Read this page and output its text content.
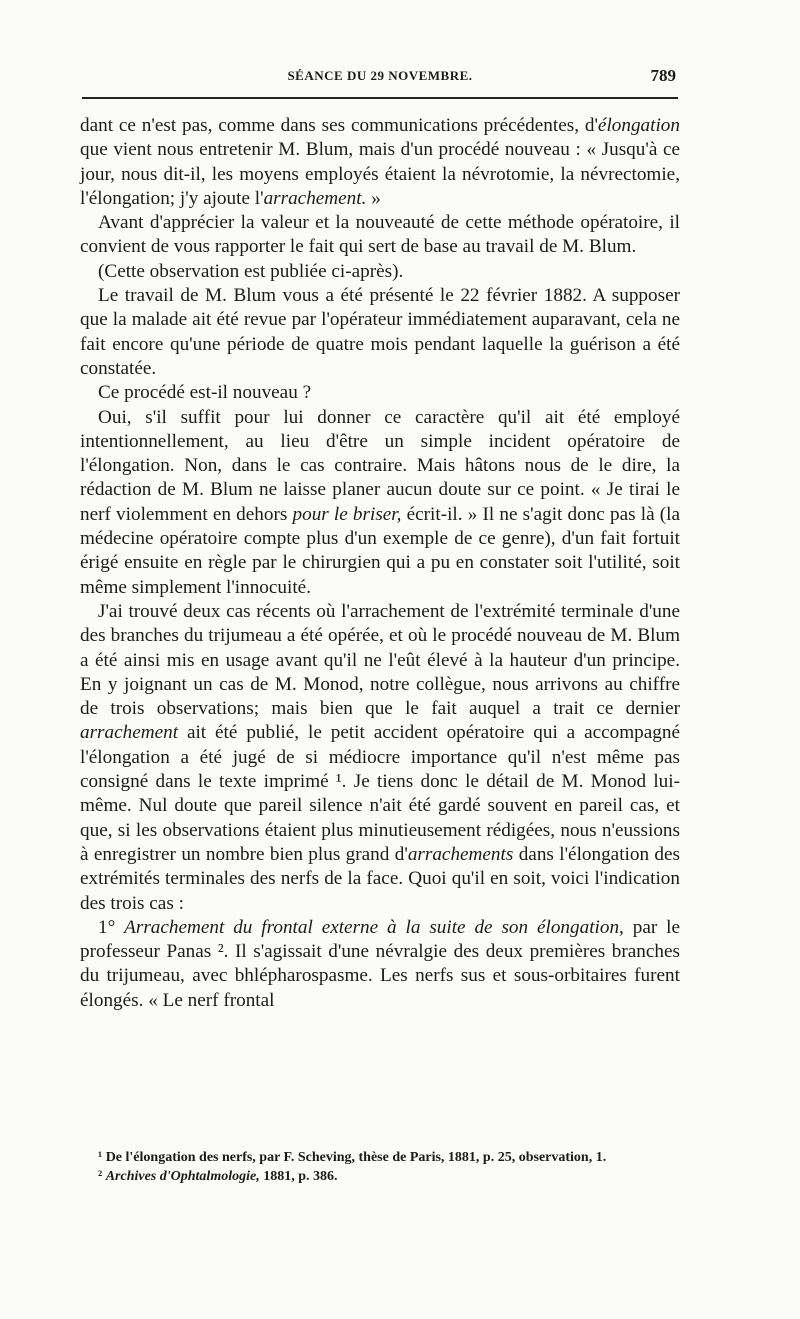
SÉANCE DU 29 NOVEMBRE.	789

dant ce n'est pas, comme dans ses communications précédentes, d'élongation que vient nous entretenir M. Blum, mais d'un procédé nouveau : « Jusqu'à ce jour, nous dit-il, les moyens employés étaient la névrotomie, la névrectomie, l'élongation; j'y ajoute l'arrachement. »

Avant d'apprécier la valeur et la nouveauté de cette méthode opératoire, il convient de vous rapporter le fait qui sert de base au travail de M. Blum.

(Cette observation est publiée ci-après).

Le travail de M. Blum vous a été présenté le 22 février 1882. A supposer que la malade ait été revue par l'opérateur immédiatement auparavant, cela ne fait encore qu'une période de quatre mois pendant laquelle la guérison a été constatée.

Ce procédé est-il nouveau ?

Oui, s'il suffit pour lui donner ce caractère qu'il ait été employé intentionnellement, au lieu d'être un simple incident opératoire de l'élongation. Non, dans le cas contraire. Mais hâtons nous de le dire, la rédaction de M. Blum ne laisse planer aucun doute sur ce point. « Je tirai le nerf violemment en dehors pour le briser, écrit-il. » Il ne s'agit donc pas là (la médecine opératoire compte plus d'un exemple de ce genre), d'un fait fortuit érigé ensuite en règle par le chirurgien qui a pu en constater soit l'utilité, soit même simplement l'innocuité.

J'ai trouvé deux cas récents où l'arrachement de l'extrémité terminale d'une des branches du trijumeau a été opérée, et où le procédé nouveau de M. Blum a été ainsi mis en usage avant qu'il ne l'eût élevé à la hauteur d'un principe. En y joignant un cas de M. Monod, notre collègue, nous arrivons au chiffre de trois observations; mais bien que le fait auquel a trait ce dernier arrachement ait été publié, le petit accident opératoire qui a accompagné l'élongation a été jugé de si médiocre importance qu'il n'est même pas consigné dans le texte imprimé ¹. Je tiens donc le détail de M. Monod lui-même. Nul doute que pareil silence n'ait été gardé souvent en pareil cas, et que, si les observations étaient plus minutieusement rédigées, nous n'eussions à enregistrer un nombre bien plus grand d'arrachements dans l'élongation des extrémités terminales des nerfs de la face. Quoi qu'il en soit, voici l'indication des trois cas :

1° Arrachement du frontal externe à la suite de son élongation, par le professeur Panas ². Il s'agissait d'une névralgie des deux premières branches du trijumeau, avec bhlépharospasme. Les nerfs sus et sous-orbitaires furent élongés. « Le nerf frontal

¹ De l'élongation des nerfs, par F. Scheving, thèse de Paris, 1881, p. 25, observation, 1.

² Archives d'Ophtalmologie, 1881, p. 386.
